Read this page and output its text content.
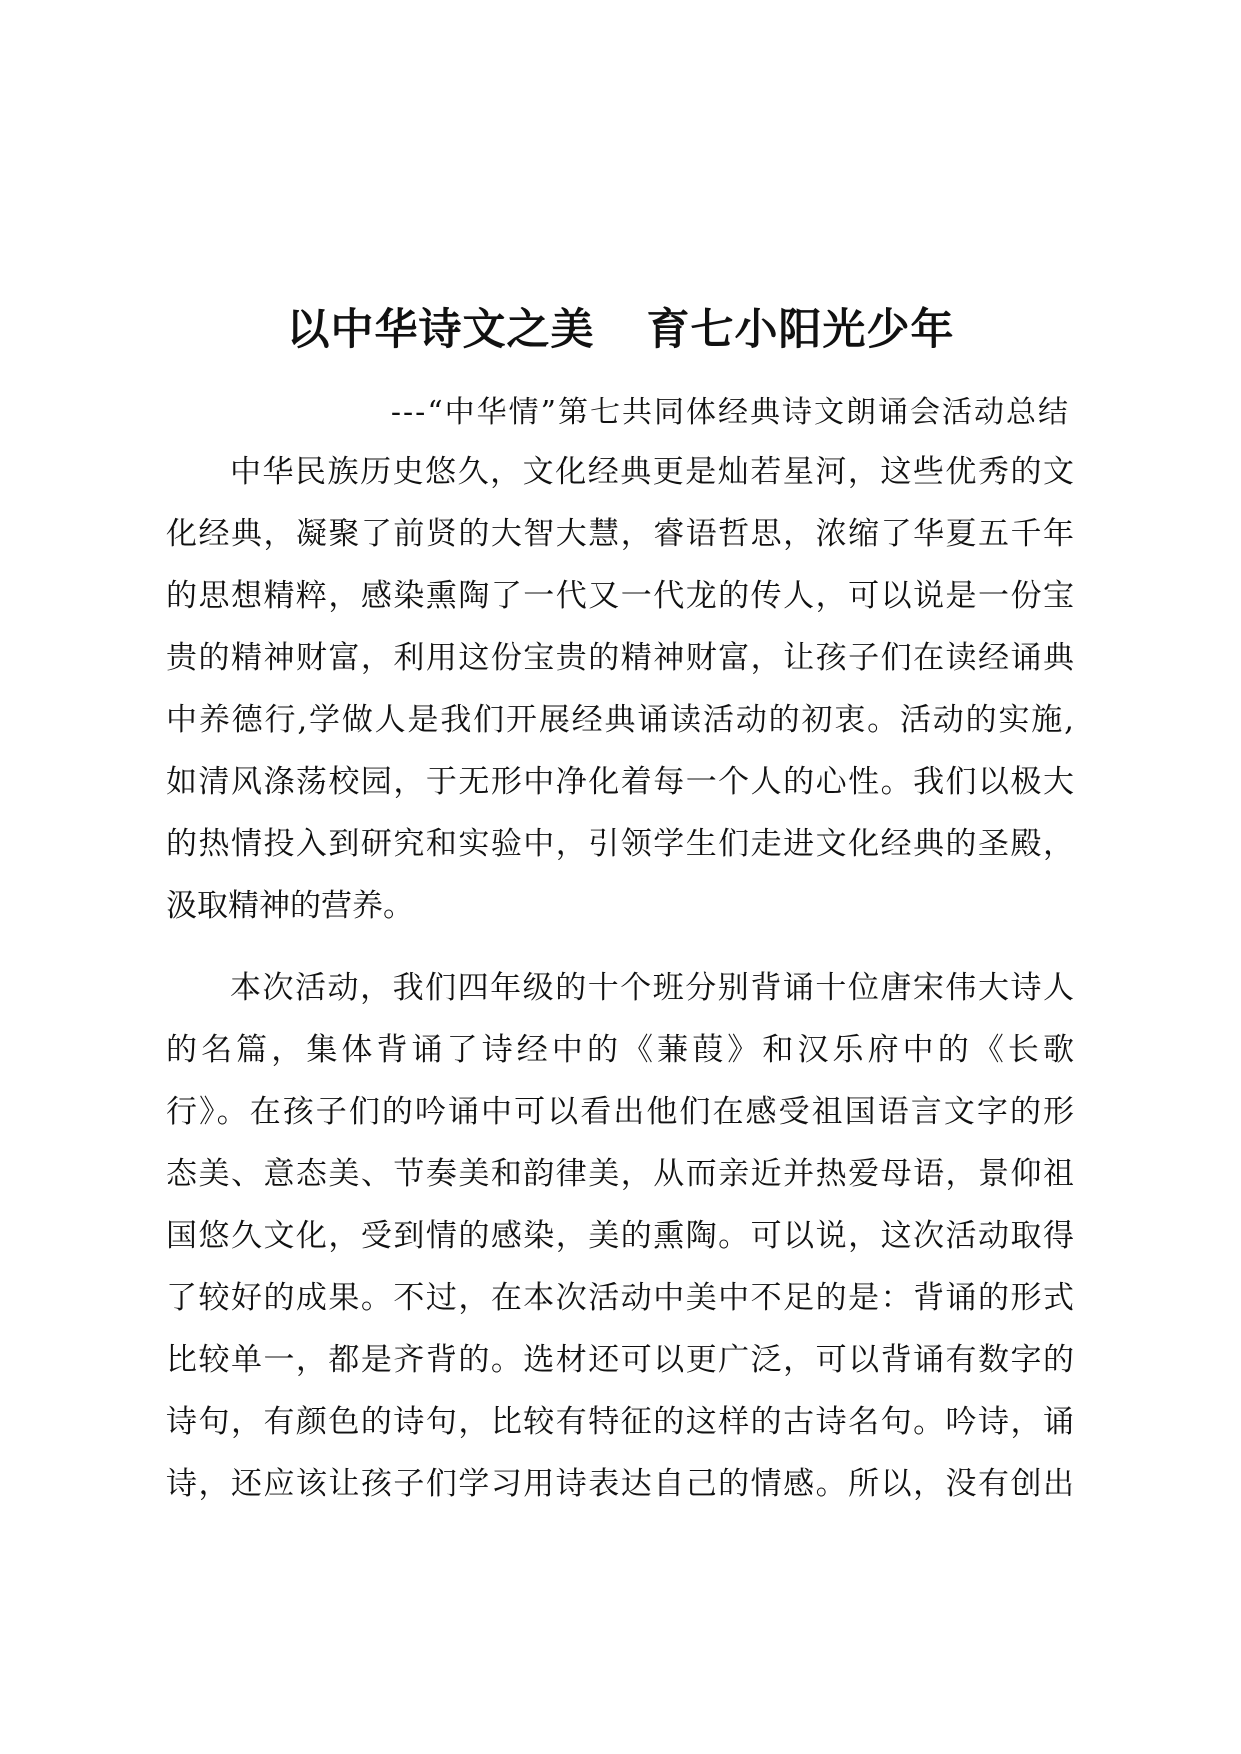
以中华诗文之美 育七小阳光少年

---“中华情”第七共同体经典诗文朗诵会活动总结

中华民族历史悠久，文化经典更是灿若星河，这些优秀的文
化经典，凝聚了前贤的大智大慧，睿语哲思，浓缩了华夏五千年
的思想精粹，感染熏陶了一代又一代龙的传人，可以说是一份宝
贵的精神财富，利用这份宝贵的精神财富，让孩子们在读经诵典
中养德行,学做人是我们开展经典诵读活动的初衷。活动的实施,
如清风涤荡校园，于无形中净化着每一个人的心性。我们以极大
的热情投入到研究和实验中，引领学生们走进文化经典的圣殿，
汲取精神的营养。
本次活动，我们四年级的十个班分别背诵十位唐宋伟大诗人
的名篇，集体背诵了诗经中的《蒹葭》和汉乐府中的《长歌
行》。在孩子们的吟诵中可以看出他们在感受祖国语言文字的形
态美、意态美、节奏美和韵律美，从而亲近并热爱母语，景仰祖
国悠久文化，受到情的感染，美的熏陶。可以说，这次活动取得
了较好的成果。不过，在本次活动中美中不足的是：背诵的形式
比较单一，都是齐背的。选材还可以更广泛，可以背诵有数字的
诗句，有颜色的诗句，比较有特征的这样的古诗名句。吟诗，诵
诗，还应该让孩子们学习用诗表达自己的情感。所以，没有创出
